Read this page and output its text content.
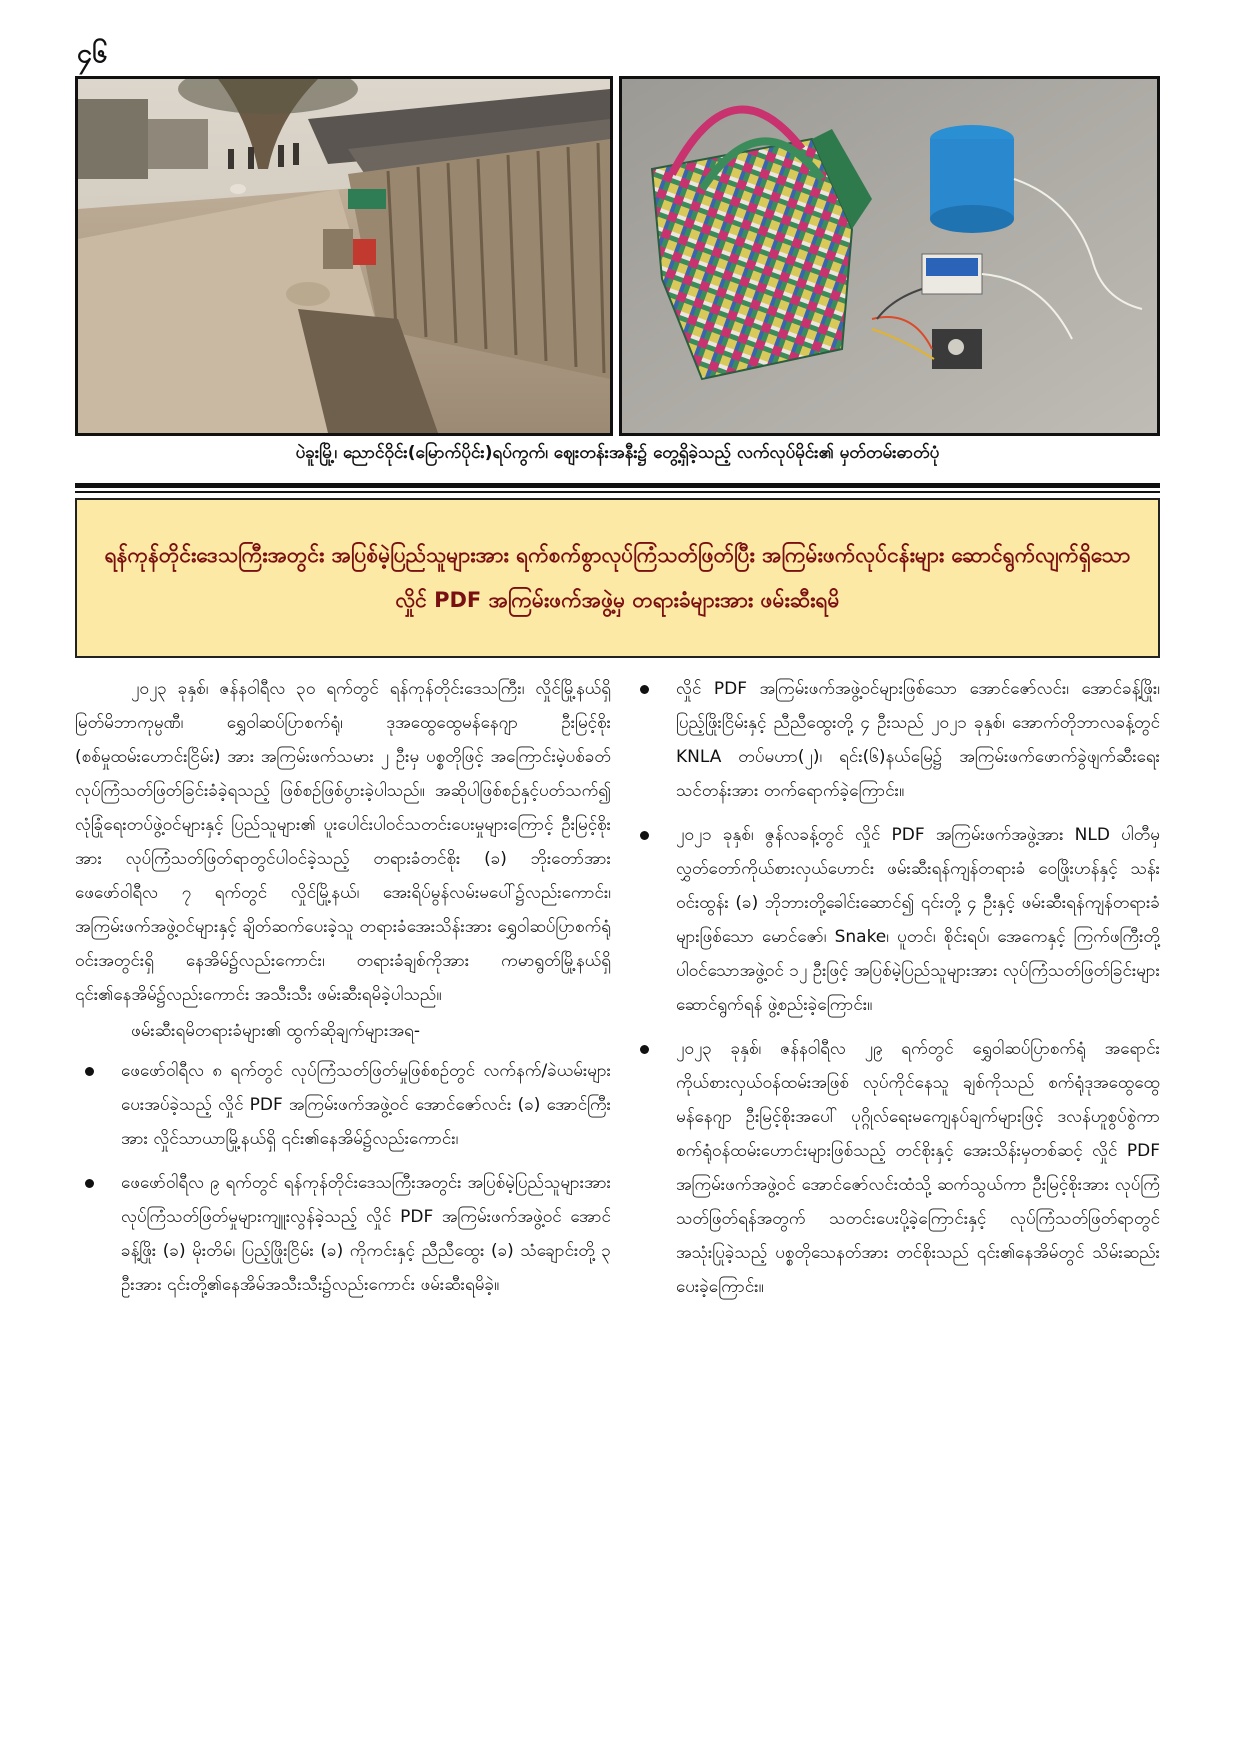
၄၆
ပဲခူးမြို့၊ ညောင်ဝိုင်း(မြောက်ပိုင်း)ရပ်ကွက်၊ ဈေးတန်းအနီး၌ တွေ့ရှိခဲ့သည့် လက်လုပ်မိုင်း၏ မှတ်တမ်းဓာတ်ပုံ
ရန်ကုန်တိုင်းဒေသကြီးအတွင်း အပြစ်မဲ့ပြည်သူများအား ရက်စက်စွာလုပ်ကြံသတ်ဖြတ်ပြီး အကြမ်းဖက်လုပ်ငန်းများ ဆောင်ရွက်လျက်ရှိသော လှိုင် PDF အကြမ်းဖက်အဖွဲ့မှ တရားခံများအား ဖမ်းဆီးရမိ

၂၀၂၃ ခုနှစ်၊ ဇန်နဝါရီလ ၃၀ ရက်တွင် ရန်ကုန်တိုင်းဒေသကြီး၊ လှိုင်မြို့နယ်ရှိ မြတ်မိဘာကုမ္ပဏီ၊ ရွှေဝါဆပ်ပြာစက်ရုံ၊ ဒုအထွေထွေမန်နေဂျာ ဦးမြင့်စိုး (စစ်မှုထမ်းဟောင်းငြိမ်း) အား အကြမ်းဖက်သမား ၂ ဦးမှ ပစ္စတိုဖြင့် အကြောင်းမဲ့ပစ်ခတ်လုပ်ကြံသတ်ဖြတ်ခြင်းခံခဲ့ရသည့် ဖြစ်စဉ်ဖြစ်ပွားခဲ့ပါသည်။ အဆိုပါဖြစ်စဉ်နှင့်ပတ်သက်၍ လုံခြုံရေးတပ်ဖွဲ့ဝင်များနှင့် ပြည်သူများ၏ ပူးပေါင်းပါဝင်သတင်းပေးမှုများကြောင့် ဦးမြင့်စိုးအား လုပ်ကြံသတ်ဖြတ်ရာတွင်ပါဝင်ခဲ့သည့် တရားခံတင်စိုး (ခ) ဘိုးတော်အား ဖေဖော်ဝါရီလ ၇ ရက်တွင် လှိုင်မြို့နယ်၊ အေးရိပ်မွန်လမ်းမပေါ်၌လည်းကောင်း၊ အကြမ်းဖက်အဖွဲ့ဝင်များနှင့် ချိတ်ဆက်ပေးခဲ့သူ တရားခံအေးသိန်းအား ရွှေဝါဆပ်ပြာစက်ရုံဝင်းအတွင်းရှိ နေအိမ်၌လည်းကောင်း၊ တရားခံချစ်ကိုအား ကမာရွတ်မြို့နယ်ရှိ ၎င်း၏နေအိမ်၌လည်းကောင်း အသီးသီး ဖမ်းဆီးရမိခဲ့ပါသည်။

ဖမ်းဆီးရမိတရားခံများ၏ ထွက်ဆိုချက်များအရ-

ဖေဖော်ဝါရီလ ၈ ရက်တွင် လုပ်ကြံသတ်ဖြတ်မှုဖြစ်စဉ်တွင် လက်နက်/ခဲယမ်းများ ပေးအပ်ခဲ့သည့် လှိုင် PDF အကြမ်းဖက်အဖွဲ့ဝင် အောင်ဇော်လင်း (ခ) အောင်ကြီးအား လှိုင်သာယာမြို့နယ်ရှိ ၎င်း၏နေအိမ်၌လည်းကောင်း၊
ဖေဖော်ဝါရီလ ၉ ရက်တွင် ရန်ကုန်တိုင်းဒေသကြီးအတွင်း အပြစ်မဲ့ပြည်သူများအား လုပ်ကြံသတ်ဖြတ်မှုများကျူးလွန်ခဲ့သည့် လှိုင် PDF အကြမ်းဖက်အဖွဲ့ဝင် အောင်ခန့်ဖြိုး (ခ) မိုးတိမ်၊ ပြည့်ဖြိုးငြိမ်း (ခ) ကိုကင်းနှင့် ညီညီထွေး (ခ) သံချောင်းတို့ ၃ ဦးအား ၎င်းတို့၏နေအိမ်အသီးသီး၌လည်းကောင်း ဖမ်းဆီးရမိခဲ့။
လှိုင် PDF အကြမ်းဖက်အဖွဲ့ဝင်များဖြစ်သော အောင်ဇော်လင်း၊ အောင်ခန့်ဖြိုး၊ ပြည့်ဖြိုးငြိမ်းနှင့် ညီညီထွေးတို့ ၄ ဦးသည် ၂၀၂၁ ခုနှစ်၊ အောက်တိုဘာလခန့်တွင် KNLA တပ်မဟာ(၂)၊ ရင်း(၆)နယ်မြေ၌ အကြမ်းဖက်ဖောက်ခွဲဖျက်ဆီးရေးသင်တန်းအား တက်ရောက်ခဲ့ကြောင်း။
၂၀၂၁ ခုနှစ်၊ ဇွန်လခန့်တွင် လှိုင် PDF အကြမ်းဖက်အဖွဲ့အား NLD ပါတီမှ လွှတ်တော်ကိုယ်စားလှယ်ဟောင်း ဖမ်းဆီးရန်ကျန်တရားခံ ဝေဖြိုးဟန်နှင့် သန်းဝင်းထွန်း (ခ) ဘိုဘားတို့ခေါင်းဆောင်၍ ၎င်းတို့ ၄ ဦးနှင့် ဖမ်းဆီးရန်ကျန်တရားခံများဖြစ်သော မောင်ဇော်၊ Snake၊ ပူတင်၊ စိုင်းရပ်၊ အေကေနှင့် ကြက်ဖကြီးတို့ ပါဝင်သောအဖွဲ့ဝင် ၁၂ ဦးဖြင့် အပြစ်မဲ့ပြည်သူများအား လုပ်ကြံသတ်ဖြတ်ခြင်းများ ဆောင်ရွက်ရန် ဖွဲ့စည်းခဲ့ကြောင်း။
၂၀၂၃ ခုနှစ်၊ ဇန်နဝါရီလ ၂၉ ရက်တွင် ရွှေဝါဆပ်ပြာစက်ရုံ အရောင်းကိုယ်စားလှယ်ဝန်ထမ်းအဖြစ် လုပ်ကိုင်နေသူ ချစ်ကိုသည် စက်ရုံဒုအထွေထွေမန်နေဂျာ ဦးမြင့်စိုးအပေါ် ပုဂ္ဂိုလ်ရေးမကျေနပ်ချက်များဖြင့် ဒလန်ဟူစွပ်စွဲကာ စက်ရုံဝန်ထမ်းဟောင်းများဖြစ်သည့် တင်စိုးနှင့် အေးသိန်းမှတစ်ဆင့် လှိုင် PDF အကြမ်းဖက်အဖွဲ့ဝင် အောင်ဇော်လင်းထံသို့ ဆက်သွယ်ကာ ဦးမြင့်စိုးအား လုပ်ကြံသတ်ဖြတ်ရန်အတွက် သတင်းပေးပို့ခဲ့ကြောင်းနှင့် လုပ်ကြံသတ်ဖြတ်ရာတွင် အသုံးပြုခဲ့သည့် ပစ္စတိုသေနတ်အား တင်စိုးသည် ၎င်း၏နေအိမ်တွင် သိမ်းဆည်းပေးခဲ့ကြောင်း။
